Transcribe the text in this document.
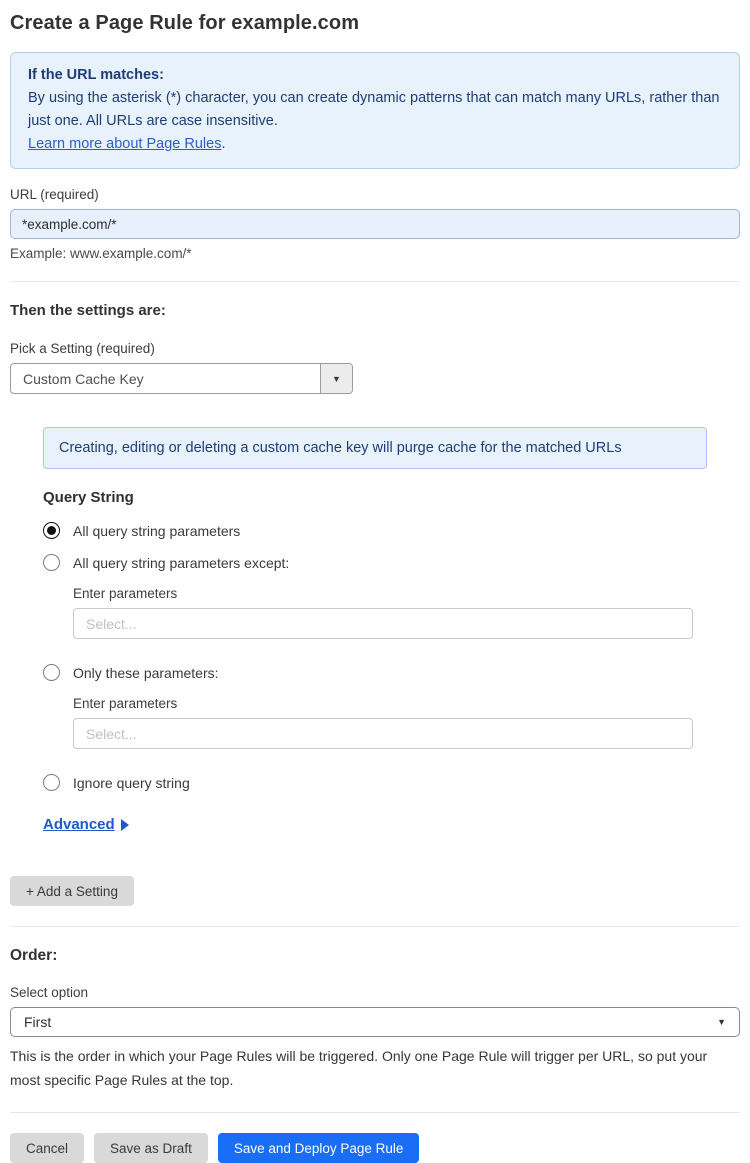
Create a Page Rule for example.com
If the URL matches:
By using the asterisk (*) character, you can create dynamic patterns that can match many URLs, rather than just one. All URLs are case insensitive.
Learn more about Page Rules.
URL (required)
*example.com/*
Example: www.example.com/*
Then the settings are:
Pick a Setting (required)
Custom Cache Key	▼
Creating, editing or deleting a custom cache key will purge cache for the matched URLs
Query String
All query string parameters
All query string parameters except:
Enter parameters
Select...
Only these parameters:
Enter parameters
Select...
Ignore query string
Advanced
+ Add a Setting
Order:
Select option
First	▼
This is the order in which your Page Rules will be triggered. Only one Page Rule will trigger per URL, so put your most specific Page Rules at the top.
Cancel	Save as Draft	Save and Deploy Page Rule
